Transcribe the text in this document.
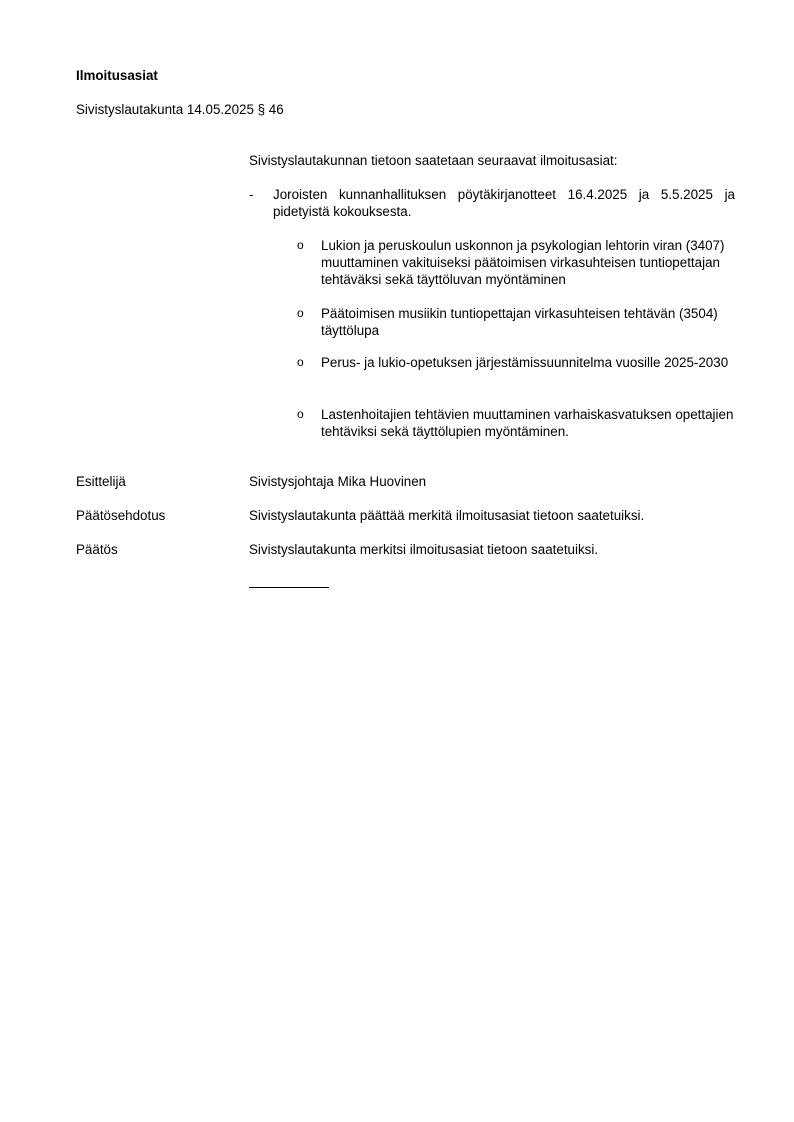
Ilmoitusasiat
Sivistyslautakunta 14.05.2025 § 46
Sivistyslautakunnan tietoon saatetaan seuraavat ilmoitusasiat:
- Joroisten kunnanhallituksen pöytäkirjanotteet 16.4.2025 ja 5.5.2025 ja pidetyistä kokouksesta.
o Lukion ja peruskoulun uskonnon ja psykologian lehtorin viran (3407) muuttaminen vakituiseksi päätoimisen virkasuhteisen tuntiopettajan tehtäväksi sekä täyttöluvan myöntäminen
o Päätoimisen musiikin tuntiopettajan virkasuhteisen tehtävän (3504) täyttölupa
o Perus- ja lukio-opetuksen järjestämissuunnitelma vuosille 2025-2030
o Lastenhoitajien tehtävien muuttaminen varhaiskasvatuksen opettajien tehtäviksi sekä täyttölupien myöntäminen.
Esittelijä	Sivistysjohtaja Mika Huovinen
Päätösehdotus	Sivistyslautakunta päättää merkitä ilmoitusasiat tietoon saatetuiksi.
Päätös	Sivistyslautakunta merkitsi ilmoitusasiat tietoon saatetuiksi.
